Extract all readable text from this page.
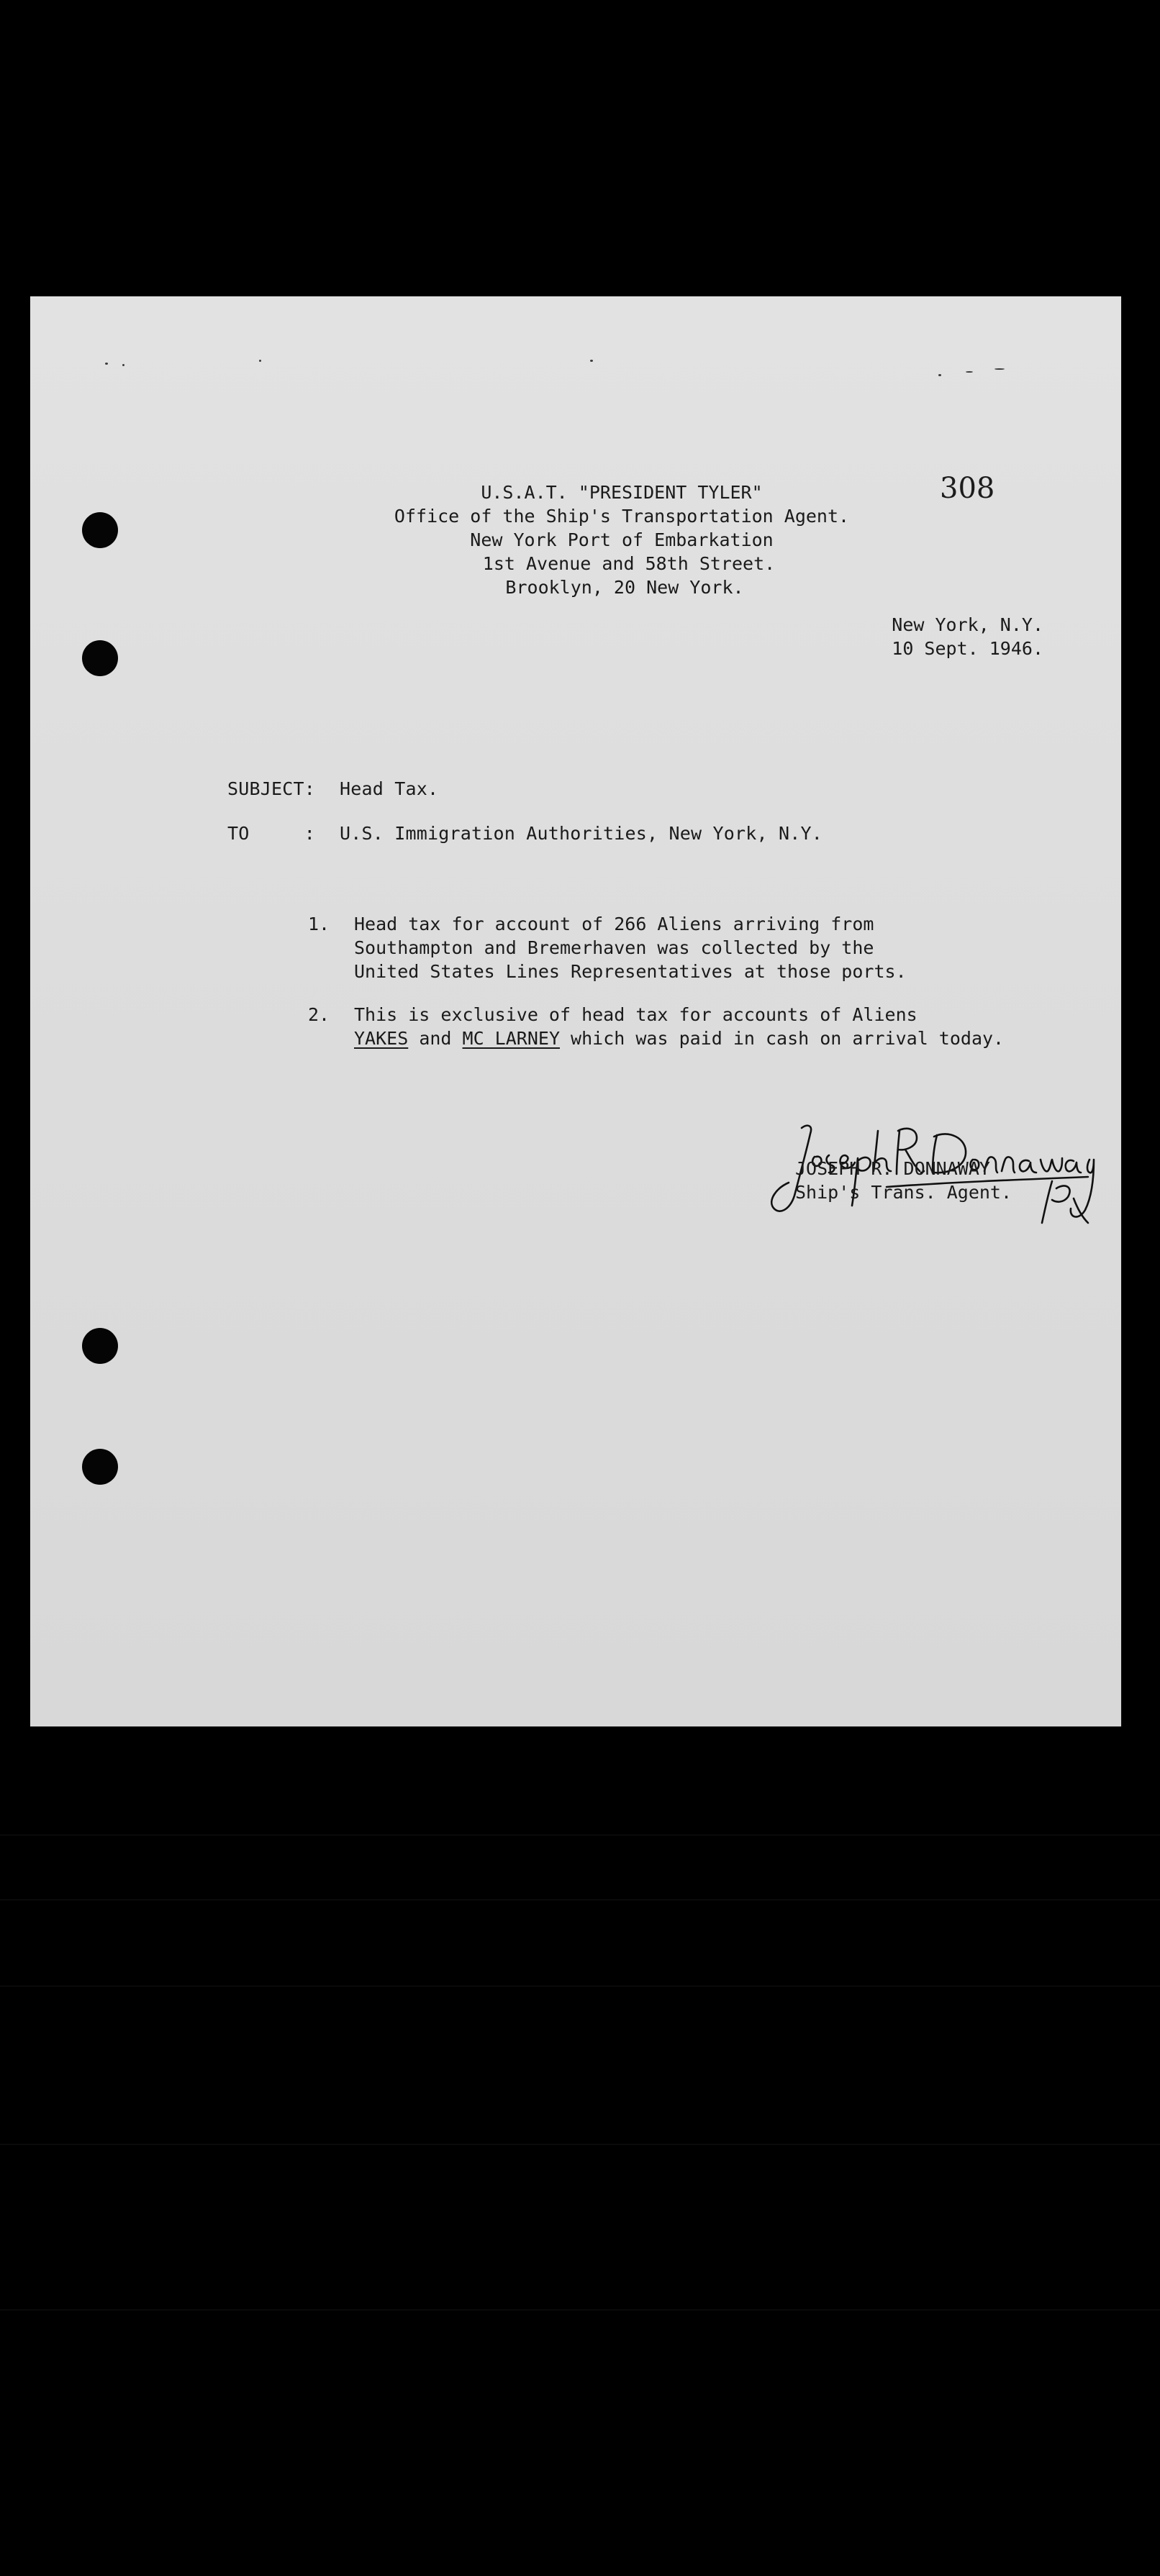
308
U.S.A.T. "PRESIDENT TYLER"
Office of the Ship's Transportation Agent.
New York Port of Embarkation
1st Avenue and 58th Street.
Brooklyn, 20 New York.
New York, N.Y.
10 Sept. 1946.
SUBJECT: Head Tax.
TO     : U.S. Immigration Authorities, New York, N.Y.
1. Head tax for account of 266 Aliens arriving from
Southampton and Bremerhaven was collected by the
United States Lines Representatives at those ports.
2. This is exclusive of head tax for accounts of Aliens
YAKES and MC LARNEY which was paid in cash on arrival today.
JOSEPH R. DONNAWAY
Ship's Trans. Agent.
